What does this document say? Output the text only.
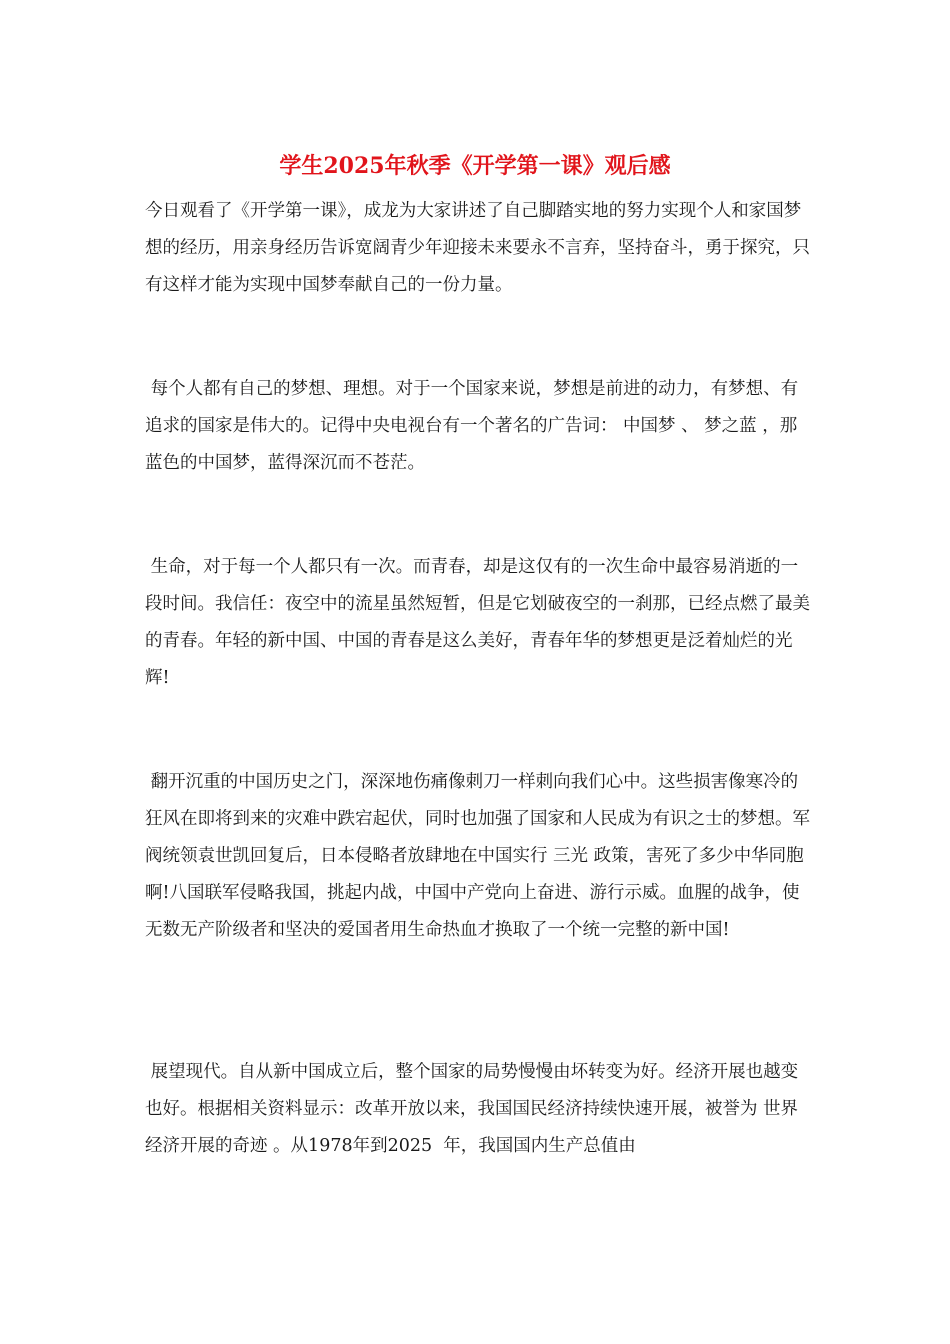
学生2025年秋季《开学第一课》观后感

今日观看了《开学第一课》，成龙为大家讲述了自己脚踏实地的努力实现个人和家国梦想的经历，用亲身经历告诉宽阔青少年迎接未来要永不言弃，坚持奋斗，勇于探究，只有这样才能为实现中国梦奉献自己的一份力量。

每个人都有自己的梦想、理想。对于一个国家来说，梦想是前进的动力，有梦想、有追求的国家是伟大的。记得中央电视台有一个著名的广告词： 中国梦 、 梦之蓝 ，那蓝色的中国梦，蓝得深沉而不苍茫。

生命，对于每一个人都只有一次。而青春，却是这仅有的一次生命中最容易消逝的一段时间。我信任：夜空中的流星虽然短暂，但是它划破夜空的一刹那，已经点燃了最美的青春。年轻的新中国、中国的青春是这么美好，青春年华的梦想更是泛着灿烂的光辉!

翻开沉重的中国历史之门，深深地伤痛像刺刀一样刺向我们心中。这些损害像寒冷的狂风在即将到来的灾难中跌宕起伏，同时也加强了国家和人民成为有识之士的梦想。军阀统领袁世凯回复后，日本侵略者放肆地在中国实行 三光 政策，害死了多少中华同胞啊!八国联军侵略我国，挑起内战，中国中产党向上奋进、游行示威。血腥的战争，使无数无产阶级者和坚决的爱国者用生命热血才换取了一个统一完整的新中国!

展望现代。自从新中国成立后，整个国家的局势慢慢由坏转变为好。经济开展也越变也好。根据相关资料显示：改革开放以来，我国国民经济持续快速开展，被誉为 世界经济开展的奇迹 。从1978年到2025  年，我国国内生产总值由
